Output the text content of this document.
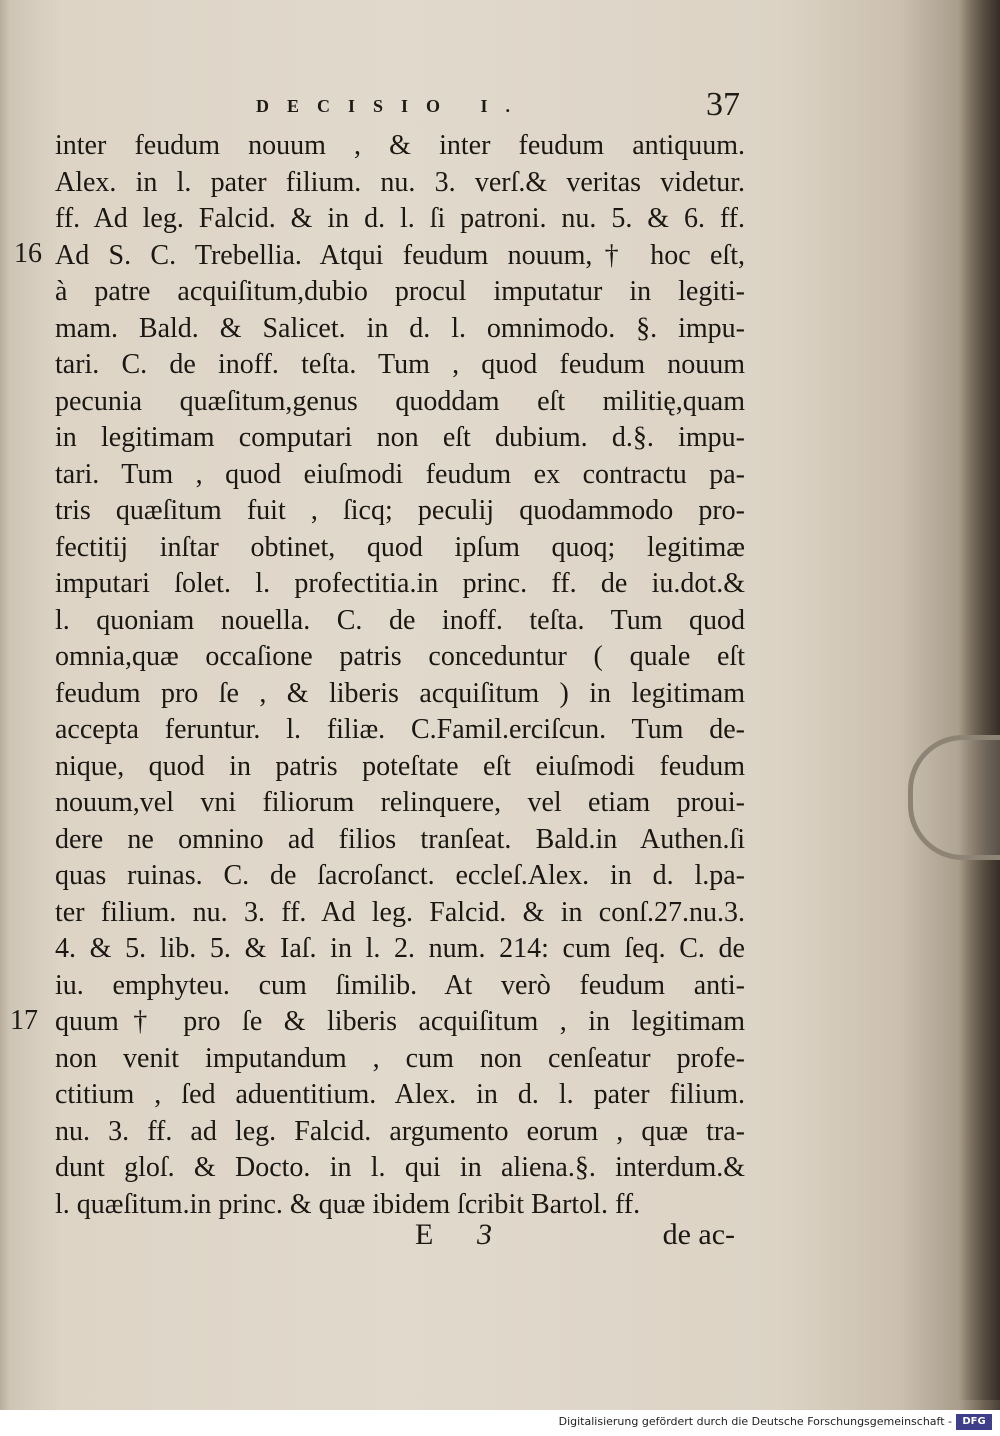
DECISIO I.	37
16
17
inter feudum nouum , & inter feudum antiquum.
Alex. in l. pater filium. nu. 3. verſ.& veritas videtur.
ff. Ad leg. Falcid. & in d. l. ſi patroni. nu. 5. & 6. ff.
Ad S. C. Trebellia. Atqui feudum nouum,† hoc eſt,
à patre acquiſitum,dubio procul imputatur in legiti-
mam. Bald. & Salicet. in d. l. omnimodo. §. impu-
tari. C. de inoff. teſta. Tum , quod feudum nouum
pecunia quæſitum,genus quoddam eſt militię,quam
in legitimam computari non eſt dubium. d.§. impu-
tari. Tum , quod eiuſmodi feudum ex contractu pa-
tris quæſitum fuit , ſicq; peculij quodammodo pro-
fectitij inſtar obtinet, quod ipſum quoq; legitimæ
imputari ſolet. l. profectitia.in princ. ff. de iu.dot.&
l. quoniam nouella. C. de inoff. teſta. Tum quod
omnia,quæ occaſione patris conceduntur ( quale eſt
feudum pro ſe , & liberis acquiſitum ) in legitimam
accepta feruntur. l. filiæ. C.Famil.erciſcun. Tum de-
nique, quod in patris poteſtate eſt eiuſmodi feudum
nouum,vel vni filiorum relinquere, vel etiam proui-
dere ne omnino ad filios tranſeat. Bald.in Authen.ſi
quas ruinas. C. de ſacroſanct. eccleſ.Alex. in d. l.pa-
ter filium. nu. 3. ff. Ad leg. Falcid. & in conſ.27.nu.3.
4. & 5. lib. 5. & Iaſ. in l. 2. num. 214: cum ſeq. C. de
iu. emphyteu. cum ſimilib. At verò feudum anti-
quum† pro ſe & liberis acquiſitum , in legitimam
non venit imputandum , cum non cenſeatur profe-
ctitium , ſed aduentitium. Alex. in d. l. pater filium.
nu. 3. ff. ad leg. Falcid. argumento eorum , quæ tra-
dunt gloſ. & Docto. in l. qui in aliena.§. interdum.&
l. quæſitum.in princ. & quæ ibidem ſcribit Bartol. ff.
E 3	de ac-
Digitalisierung gefördert durch die Deutsche Forschungsgemeinschaft -	DFG
